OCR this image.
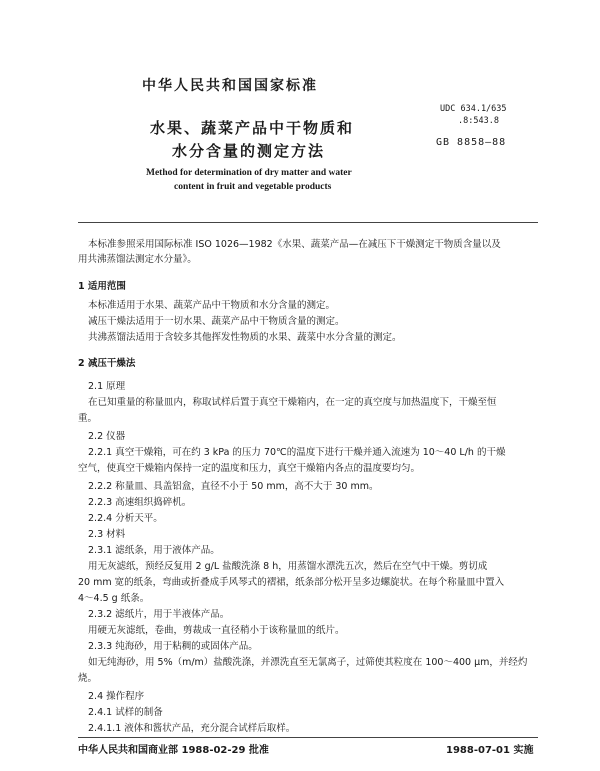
中华人民共和国国家标准
UDC 634.1/635
.8:543.8
GB 8858—88
水果、蔬菜产品中干物质和
水分含量的测定方法
Method for determination of dry matter and water
content in fruit and vegetable products
本标准参照采用国际标准 ISO 1026—1982《水果、蔬菜产品—在减压下干燥测定干物质含量以及
用共沸蒸馏法测定水分量》。
1 适用范围
本标准适用于水果、蔬菜产品中干物质和水分含量的测定。
减压干燥法适用于一切水果、蔬菜产品中干物质含量的测定。
共沸蒸馏法适用于含较多其他挥发性物质的水果、蔬菜中水分含量的测定。
2 减压干燥法
2.1 原理
在已知重量的称量皿内，称取试样后置于真空干燥箱内，在一定的真空度与加热温度下，干燥至恒
重。
2.2 仪器
2.2.1 真空干燥箱，可在约 3 kPa 的压力 70℃的温度下进行干燥并通入流速为 10～40 L/h 的干燥
空气，使真空干燥箱内保持一定的温度和压力，真空干燥箱内各点的温度要均匀。
2.2.2 称量皿、具盖铝盒，直径不小于 50 mm，高不大于 30 mm。
2.2.3 高速组织捣碎机。
2.2.4 分析天平。
2.3 材料
2.3.1 滤纸条，用于液体产品。
用无灰滤纸，预经反复用 2 g/L 盐酸洗涤 8 h，用蒸馏水漂洗五次，然后在空气中干燥。剪切成
20 mm 宽的纸条，弯曲或折叠成手风琴式的褶裙，纸条部分松开呈多边螺旋状。在每个称量皿中置入
4～4.5 g 纸条。
2.3.2 滤纸片，用于半液体产品。
用硬无灰滤纸，卷曲，剪裁成一直径稍小于该称量皿的纸片。
2.3.3 纯海砂，用于粘稠的或固体产品。
如无纯海砂，用 5%（m/m）盐酸洗涤，并漂洗直至无氯离子，过筛使其粒度在 100～400 μm，并经灼
烧。
2.4 操作程序
2.4.1 试样的制备
2.4.1.1 液体和酱状产品，充分混合试样后取样。
中华人民共和国商业部 1988-02-29 批准	1988-07-01 实施
